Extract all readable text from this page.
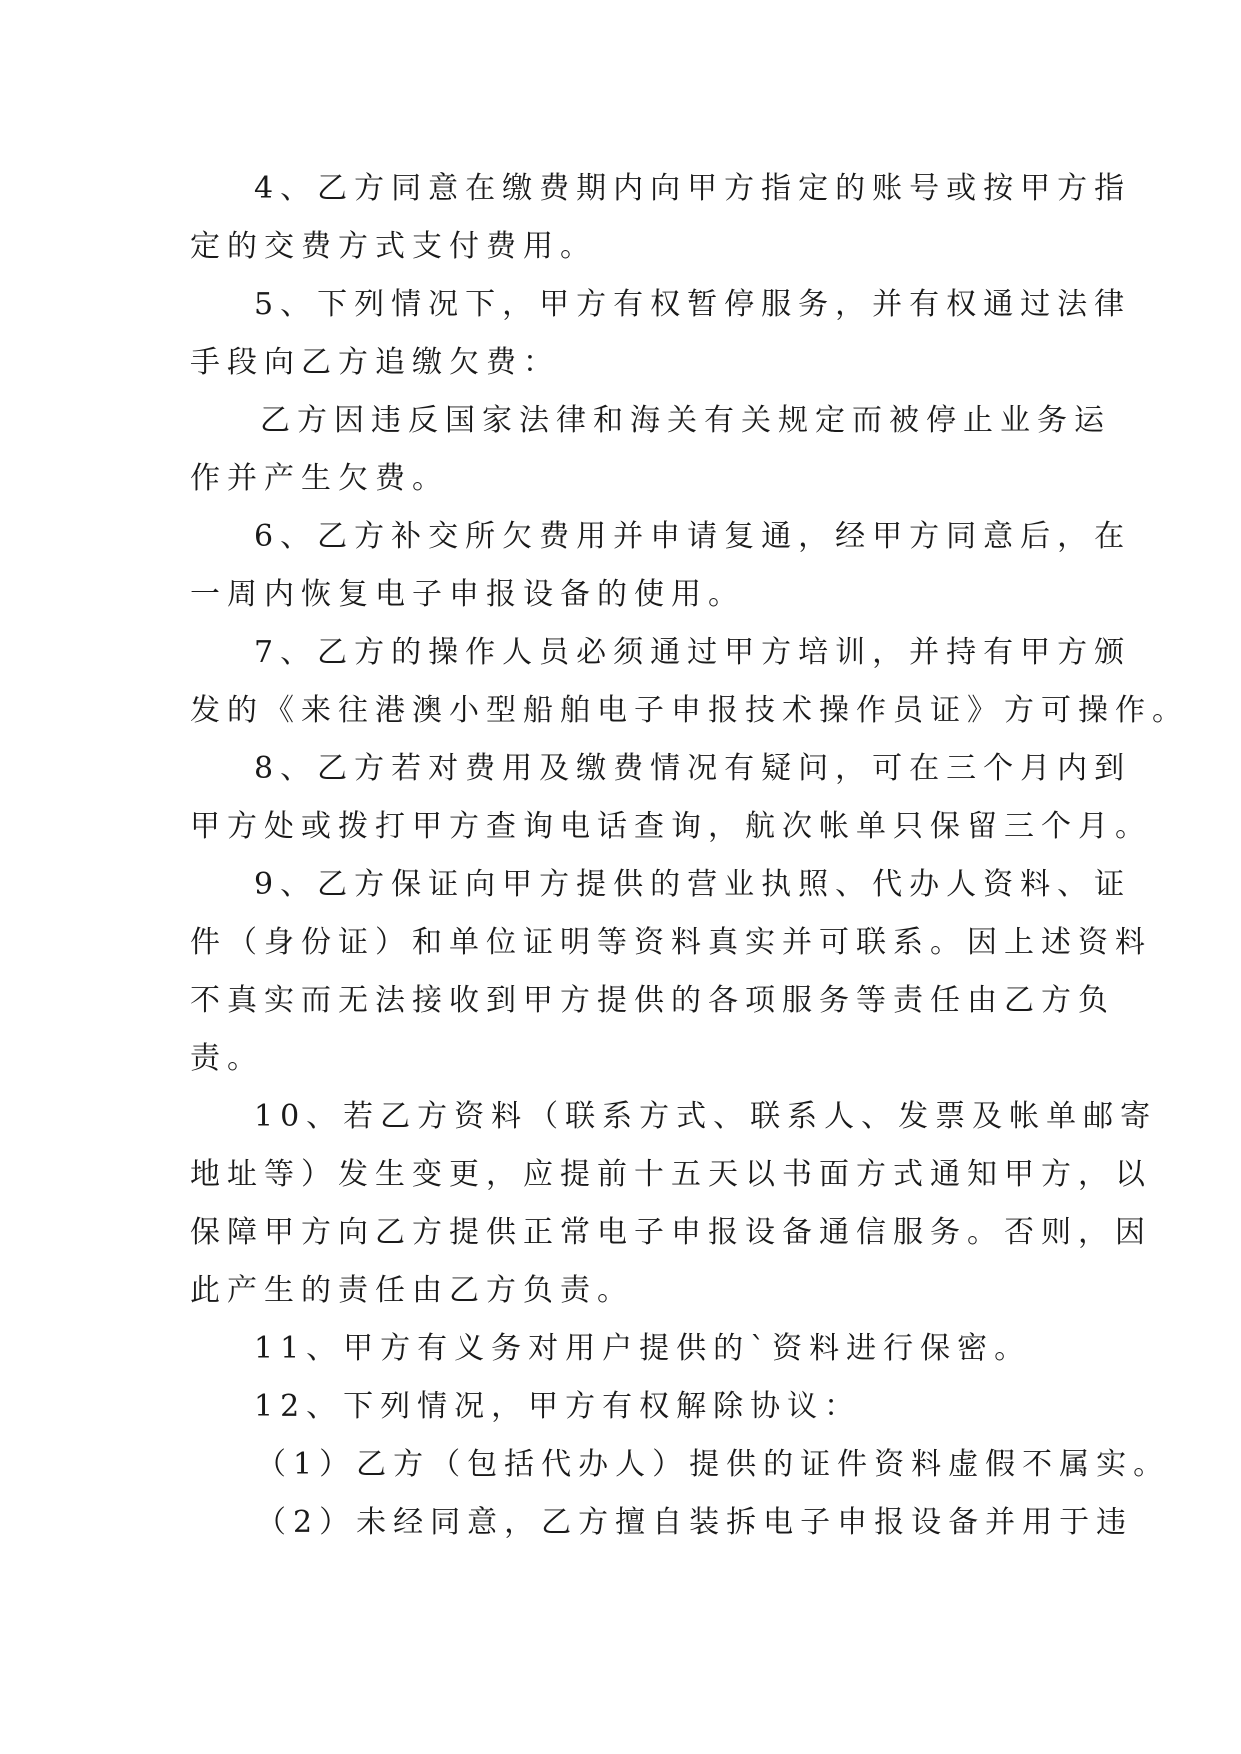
4、乙方同意在缴费期内向甲方指定的账号或按甲方指
定的交费方式支付费用。
5、下列情况下，甲方有权暂停服务，并有权通过法律
手段向乙方追缴欠费：
乙方因违反国家法律和海关有关规定而被停止业务运
作并产生欠费。
6、乙方补交所欠费用并申请复通，经甲方同意后，在
一周内恢复电子申报设备的使用。
7、乙方的操作人员必须通过甲方培训，并持有甲方颁
发的《来往港澳小型船舶电子申报技术操作员证》方可操作。
8、乙方若对费用及缴费情况有疑问，可在三个月内到
甲方处或拨打甲方查询电话查询，航次帐单只保留三个月。
9、乙方保证向甲方提供的营业执照、代办人资料、证
件（身份证）和单位证明等资料真实并可联系。因上述资料
不真实而无法接收到甲方提供的各项服务等责任由乙方负
责。
10、若乙方资料（联系方式、联系人、发票及帐单邮寄
地址等）发生变更，应提前十五天以书面方式通知甲方，以
保障甲方向乙方提供正常电子申报设备通信服务。否则，因
此产生的责任由乙方负责。
11、甲方有义务对用户提供的`资料进行保密。
12、下列情况，甲方有权解除协议：
（1）乙方（包括代办人）提供的证件资料虚假不属实。
（2）未经同意，乙方擅自装拆电子申报设备并用于违
